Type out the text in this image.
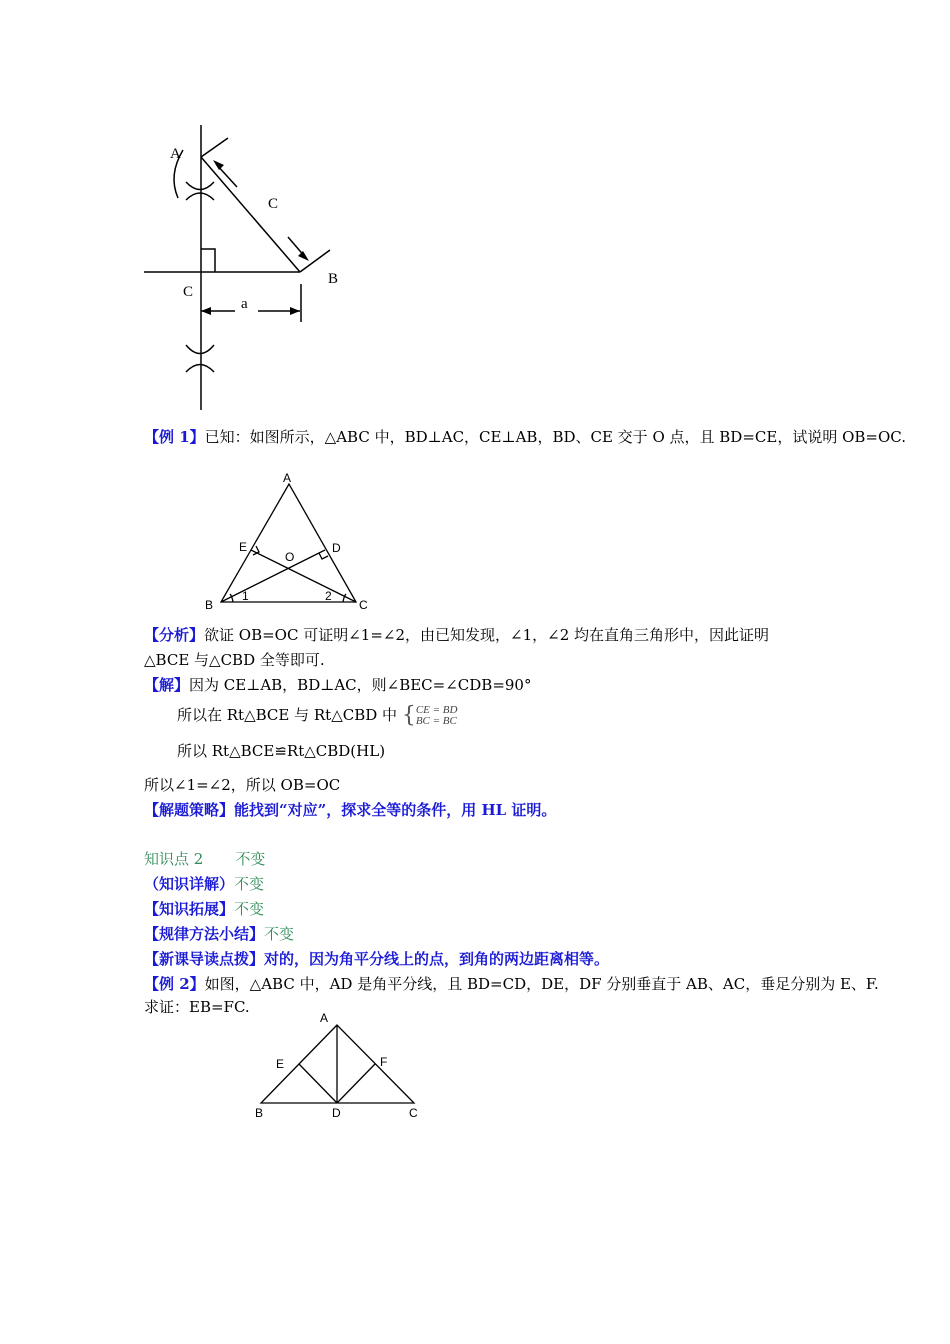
A
C
B
C
a
【例 1】已知：如图所示，△ABC 中，BD⊥AC，CE⊥AB，BD、CE 交于 O 点，且 BD=CE，试说明 OB=OC.
A
E
O
D
B
1	2
C
【分析】欲证 OB=OC 可证明∠1=∠2，由已知发现，∠1，∠2 均在直角三角形中，因此证明
△BCE 与△CBD 全等即可.
【解】因为 CE⊥AB，BD⊥AC，则∠BEC=∠CDB=90°
所以在 Rt△BCE 与 Rt△CBD 中 {CE = BD
BC = BC
所以 Rt△BCE≌Rt△CBD(HL)
所以∠1=∠2，所以 OB=OC
【解题策略】能找到“对应”，探求全等的条件，用 HL 证明。
知识点 2 不变
（知识详解）不变
【知识拓展】不变
【规律方法小结】不变
【新课导读点拨】对的，因为角平分线上的点，到角的两边距离相等。
【例 2】如图，△ABC 中，AD 是角平分线，且 BD=CD，DE，DF 分别垂直于 AB、AC，垂足分别为 E、F.
求证：EB=FC.
A
E	F
B	D	C
